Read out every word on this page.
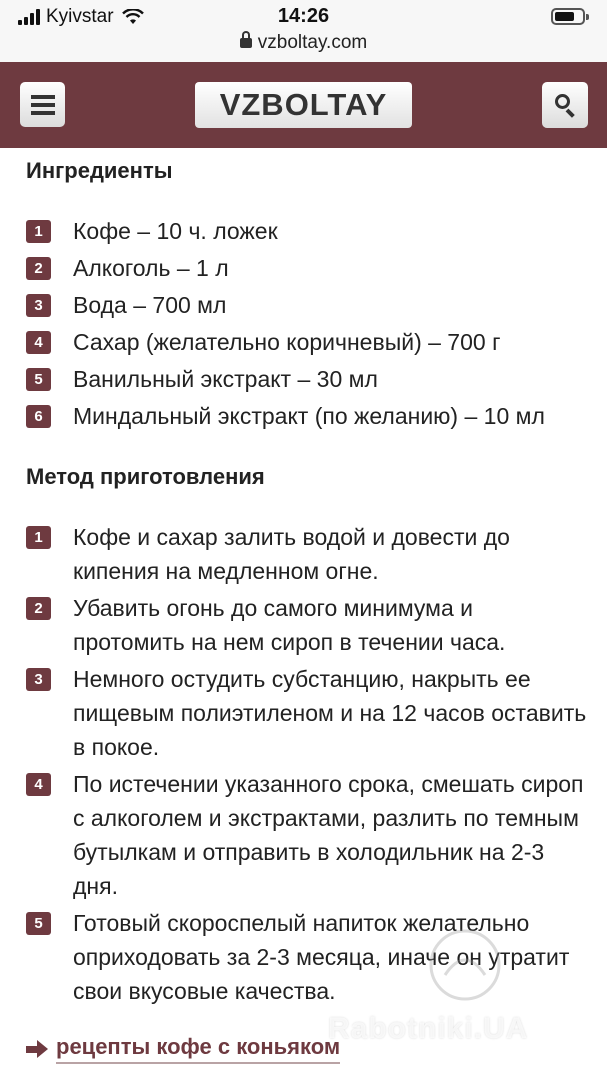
Kyivstar	14:26
vzboltay.com
VZBOLTAY
Ингредиенты
1	Кофе – 10 ч. ложек
2	Алкоголь – 1 л
3	Вода – 700 мл
4	Сахар (желательно коричневый) – 700 г
5	Ванильный экстракт – 30 мл
6	Миндальный экстракт (по желанию) – 10 мл
Метод приготовления
1	Кофе и сахар залить водой и довести до кипения на медленном огне.
2	Убавить огонь до самого минимума и протомить на нем сироп в течении часа.
3	Немного остудить субстанцию, накрыть ее пищевым полиэтиленом и на 12 часов оставить в покое.
4	По истечении указанного срока, смешать сироп с алкоголем и экстрактами, разлить по темным бутылкам и отправить в холодильник на 2-3 дня.
5	Готовый скороспелый напиток желательно оприходовать за 2-3 месяца, иначе он утратит свои вкусовые качества.
Rabotniki.UA
рецепты кофе с коньяком
